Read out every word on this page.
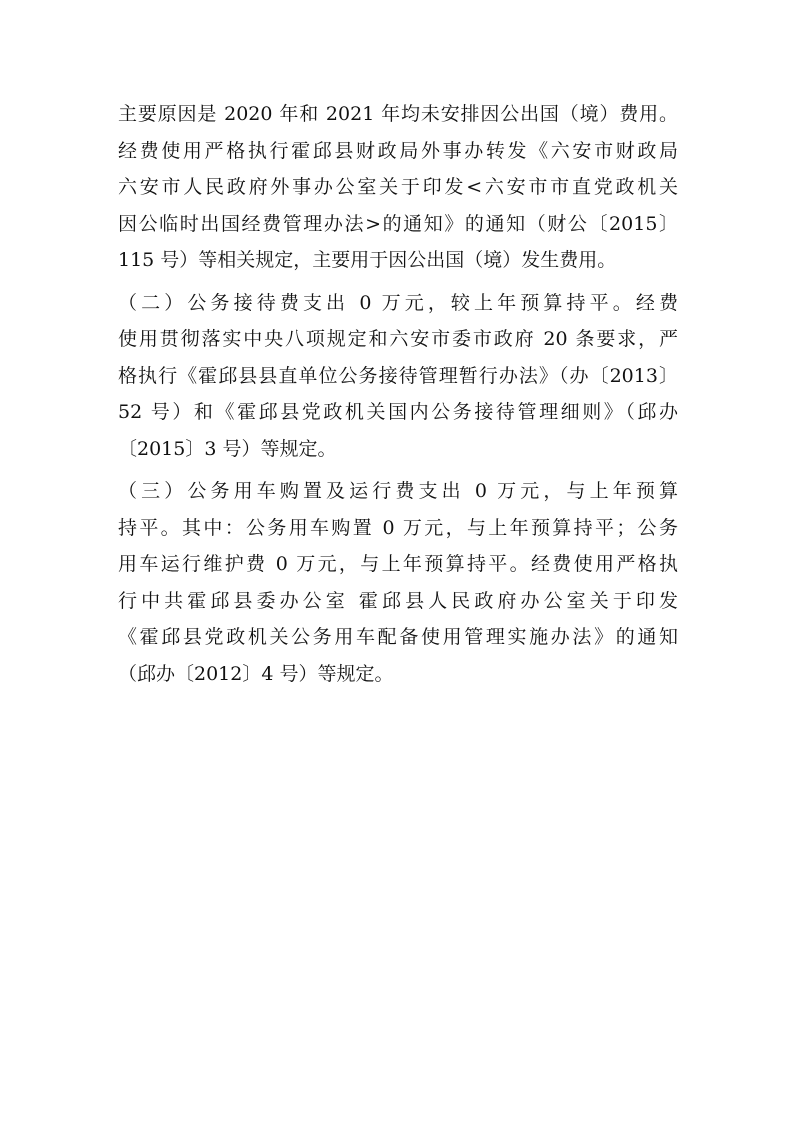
主要原因是 2020 年和 2021 年均未安排因公出国（境）费用。
经费使用严格执行霍邱县财政局外事办转发《六安市财政局
六安市人民政府外事办公室关于印发<六安市市直党政机关
因公临时出国经费管理办法>的通知》的通知（财公〔2015〕
115 号）等相关规定，主要用于因公出国（境）发生费用。
（二）公务接待费支出 0 万元，较上年预算持平。经费
使用贯彻落实中央八项规定和六安市委市政府 20 条要求，严
格执行《霍邱县县直单位公务接待管理暂行办法》（办〔2013〕
52 号）和《霍邱县党政机关国内公务接待管理细则》（邱办
〔2015〕3 号）等规定。
（三）公务用车购置及运行费支出 0 万元，与上年预算
持平。其中：公务用车购置 0 万元，与上年预算持平；公务
用车运行维护费 0 万元，与上年预算持平。经费使用严格执
行中共霍邱县委办公室 霍邱县人民政府办公室关于印发
《霍邱县党政机关公务用车配备使用管理实施办法》的通知
（邱办〔2012〕4 号）等规定。
